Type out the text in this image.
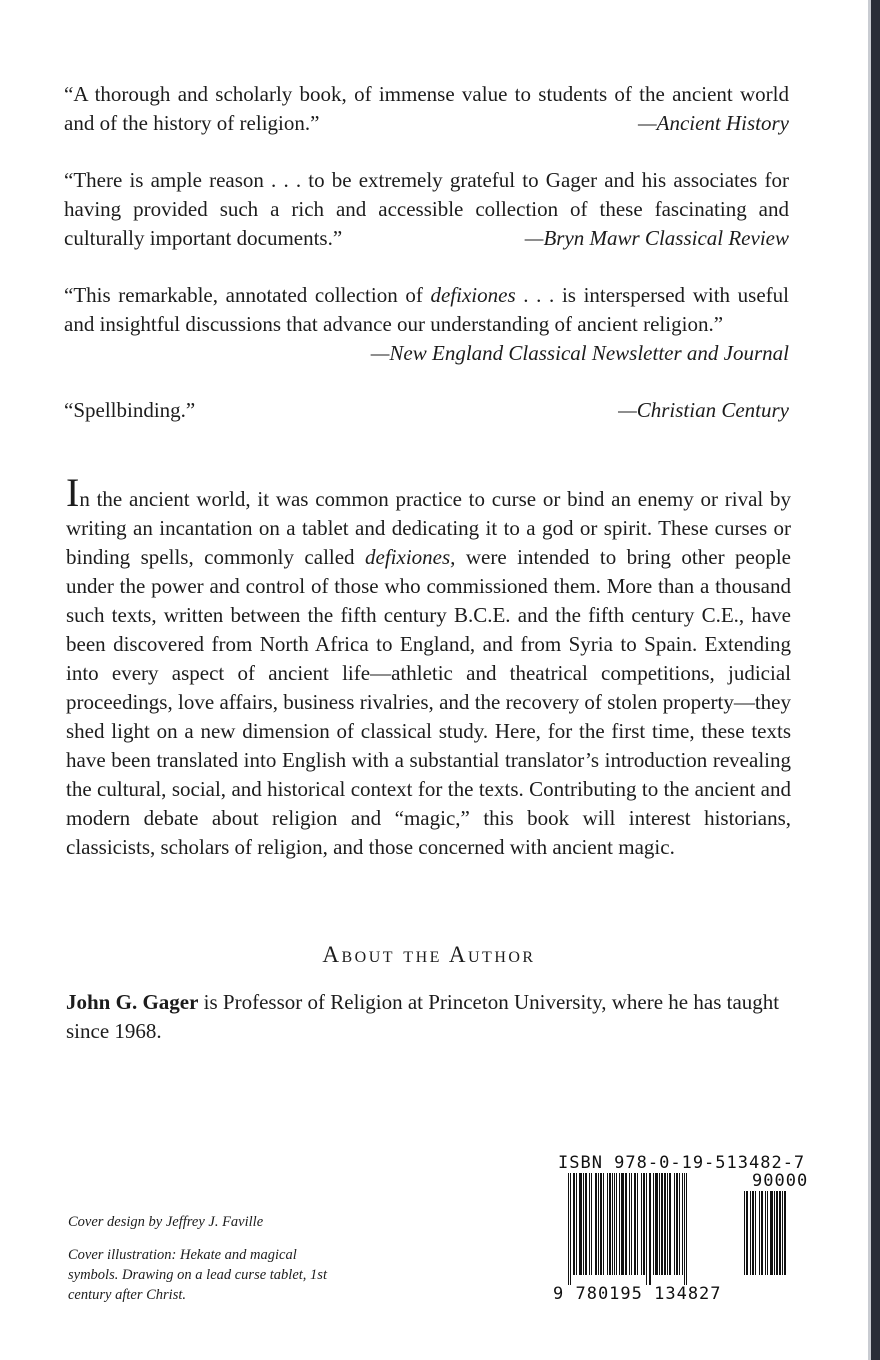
“A thorough and scholarly book, of immense value to students of the ancient world and of the history of religion.”	—Ancient History
“There is ample reason . . . to be extremely grateful to Gager and his associates for having provided such a rich and accessible collection of these fascinating and culturally important documents.”	—Bryn Mawr Classical Review
“This remarkable, annotated collection of defixiones . . . is interspersed with useful and insightful discussions that advance our understanding of ancient religion.”
—New England Classical Newsletter and Journal
“Spellbinding.”	—Christian Century
In the ancient world, it was common practice to curse or bind an enemy or rival by writing an incantation on a tablet and dedicating it to a god or spirit. These curses or binding spells, commonly called defixiones, were intended to bring other people under the power and control of those who commissioned them. More than a thousand such texts, written between the fifth century B.C.E. and the fifth century C.E., have been discovered from North Africa to England, and from Syria to Spain. Extending into every aspect of ancient life—athletic and theatrical competitions, judicial proceedings, love affairs, business rivalries, and the recovery of stolen property—they shed light on a new dimension of classical study. Here, for the first time, these texts have been translated into English with a substantial translator’s introduction revealing the cultural, social, and historical context for the texts. Contributing to the ancient and modern debate about religion and “magic,” this book will interest historians, classicists, scholars of religion, and those concerned with ancient magic.
About the Author
John G. Gager is Professor of Religion at Princeton University, where he has taught since 1968.
Cover design by Jeffrey J. Faville
Cover illustration: Hekate and magical symbols. Drawing on a lead curse tablet, 1st century after Christ.
ISBN 978-0-19-513482-7
90000
9 780195 134827
